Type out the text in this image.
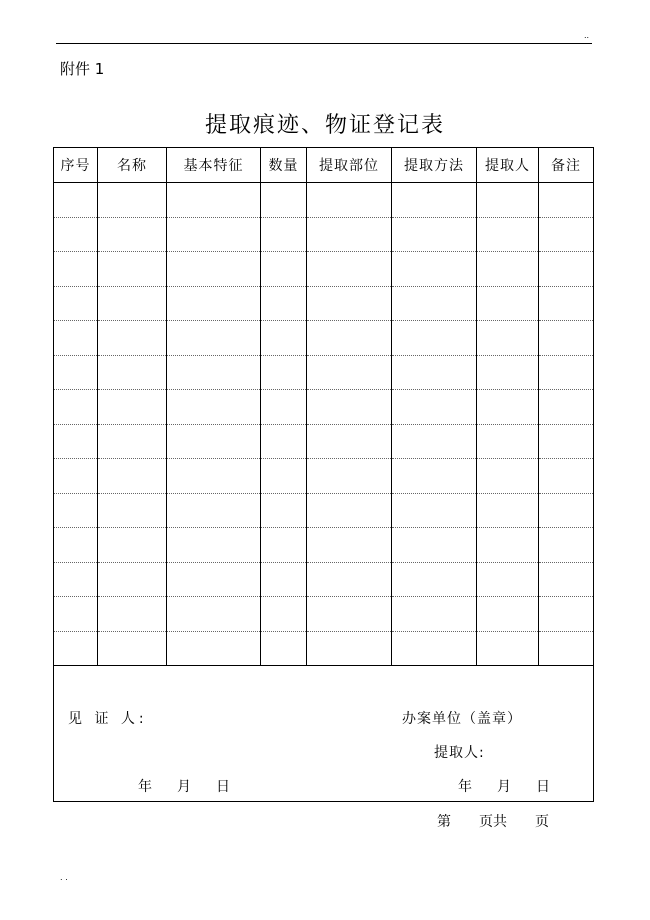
..
附件 1
提取痕迹、物证登记表
序号	名称	基本特征	数量	提取部位	提取方法	提取人	备注

见 证 人:
年 月 日
办案单位（盖章）
提取人:
年 月 日							
第 页共 页
. .
